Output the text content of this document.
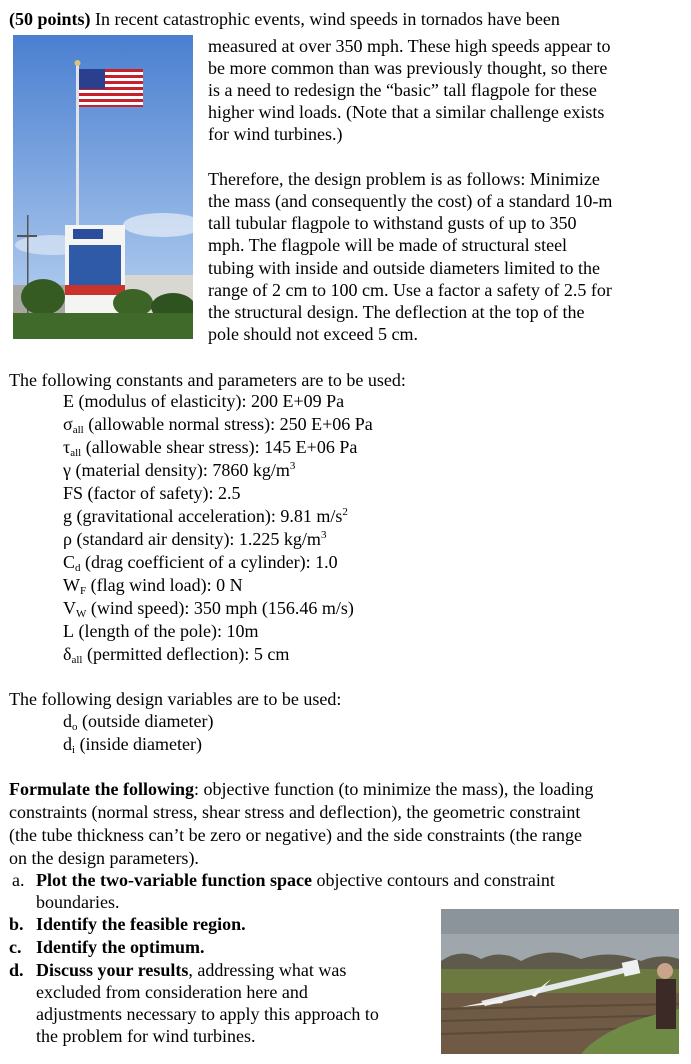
(50 points) In recent catastrophic events, wind speeds in tornados have been
measured at over 350 mph. These high speeds appear to
be more common than was previously thought, so there
is a need to redesign the “basic” tall flagpole for these
higher wind loads. (Note that a similar challenge exists
for wind turbines.)
Therefore, the design problem is as follows: Minimize
the mass (and consequently the cost) of a standard 10-m
tall tubular flagpole to withstand gusts of up to 350
mph. The flagpole will be made of structural steel
tubing with inside and outside diameters limited to the
range of 2 cm to 100 cm. Use a factor a safety of 2.5 for
the structural design. The deflection at the top of the
pole should not exceed 5 cm.
The following constants and parameters are to be used:
E (modulus of elasticity): 200 E+09 Pa
$\sigma_{all}$ (allowable normal stress): 250 E+06 Pa
$\tau_{all}$ (allowable shear stress): 145 E+06 Pa
γ (material density): 7860 $kg/m^3$
FS (factor of safety): 2.5
g (gravitational acceleration): 9.81 $m/s^2$
ρ (standard air density): 1.225 $kg/m^3$
$C_d$ (drag coefficient of a cylinder): 1.0
$W_F$ (flag wind load): 0 N
$V_W$ (wind speed): 350 mph (156.46 m/s)
L (length of the pole): 10m
$\delta_{all}$ (permitted deflection): 5 cm
The following design variables are to be used:
$d_o$ (outside diameter)
$d_i$ (inside diameter)
Formulate the following: objective function (to minimize the mass), the loading
constraints (normal stress, shear stress and deflection), the geometric constraint
(the tube thickness can’t be zero or negative) and the side constraints (the range
on the design parameters).
a. Plot the two-variable function space objective contours and constraint
boundaries.
b. Identify the feasible region.
c. Identify the optimum.
d. Discuss your results, addressing what was
excluded from consideration here and
adjustments necessary to apply this approach to
the problem for wind turbines.
